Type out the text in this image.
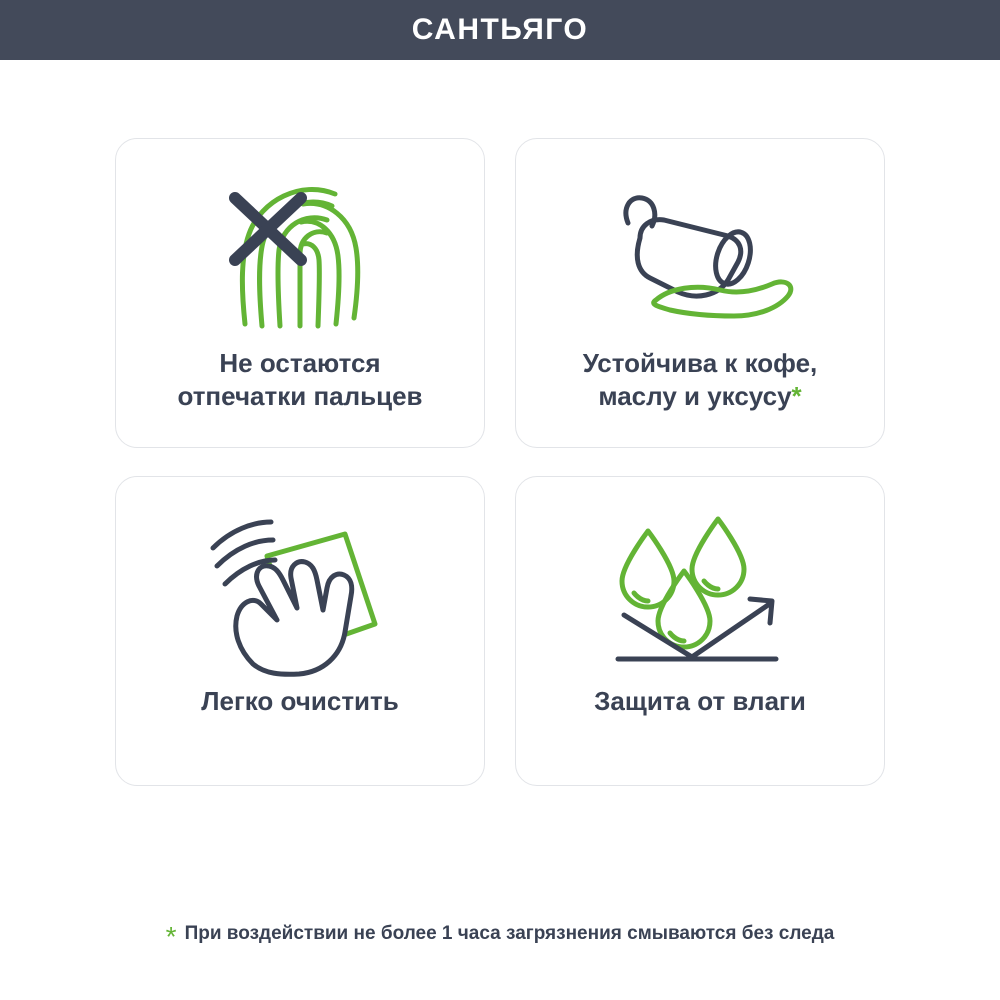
САНТЬЯГО
Не остаются
отпечатки пальцев
Устойчива к кофе,
маслу и уксусу*
Легко очистить	Защита от влаги
* При воздействии не более 1 часа загрязнения смываются без следа
